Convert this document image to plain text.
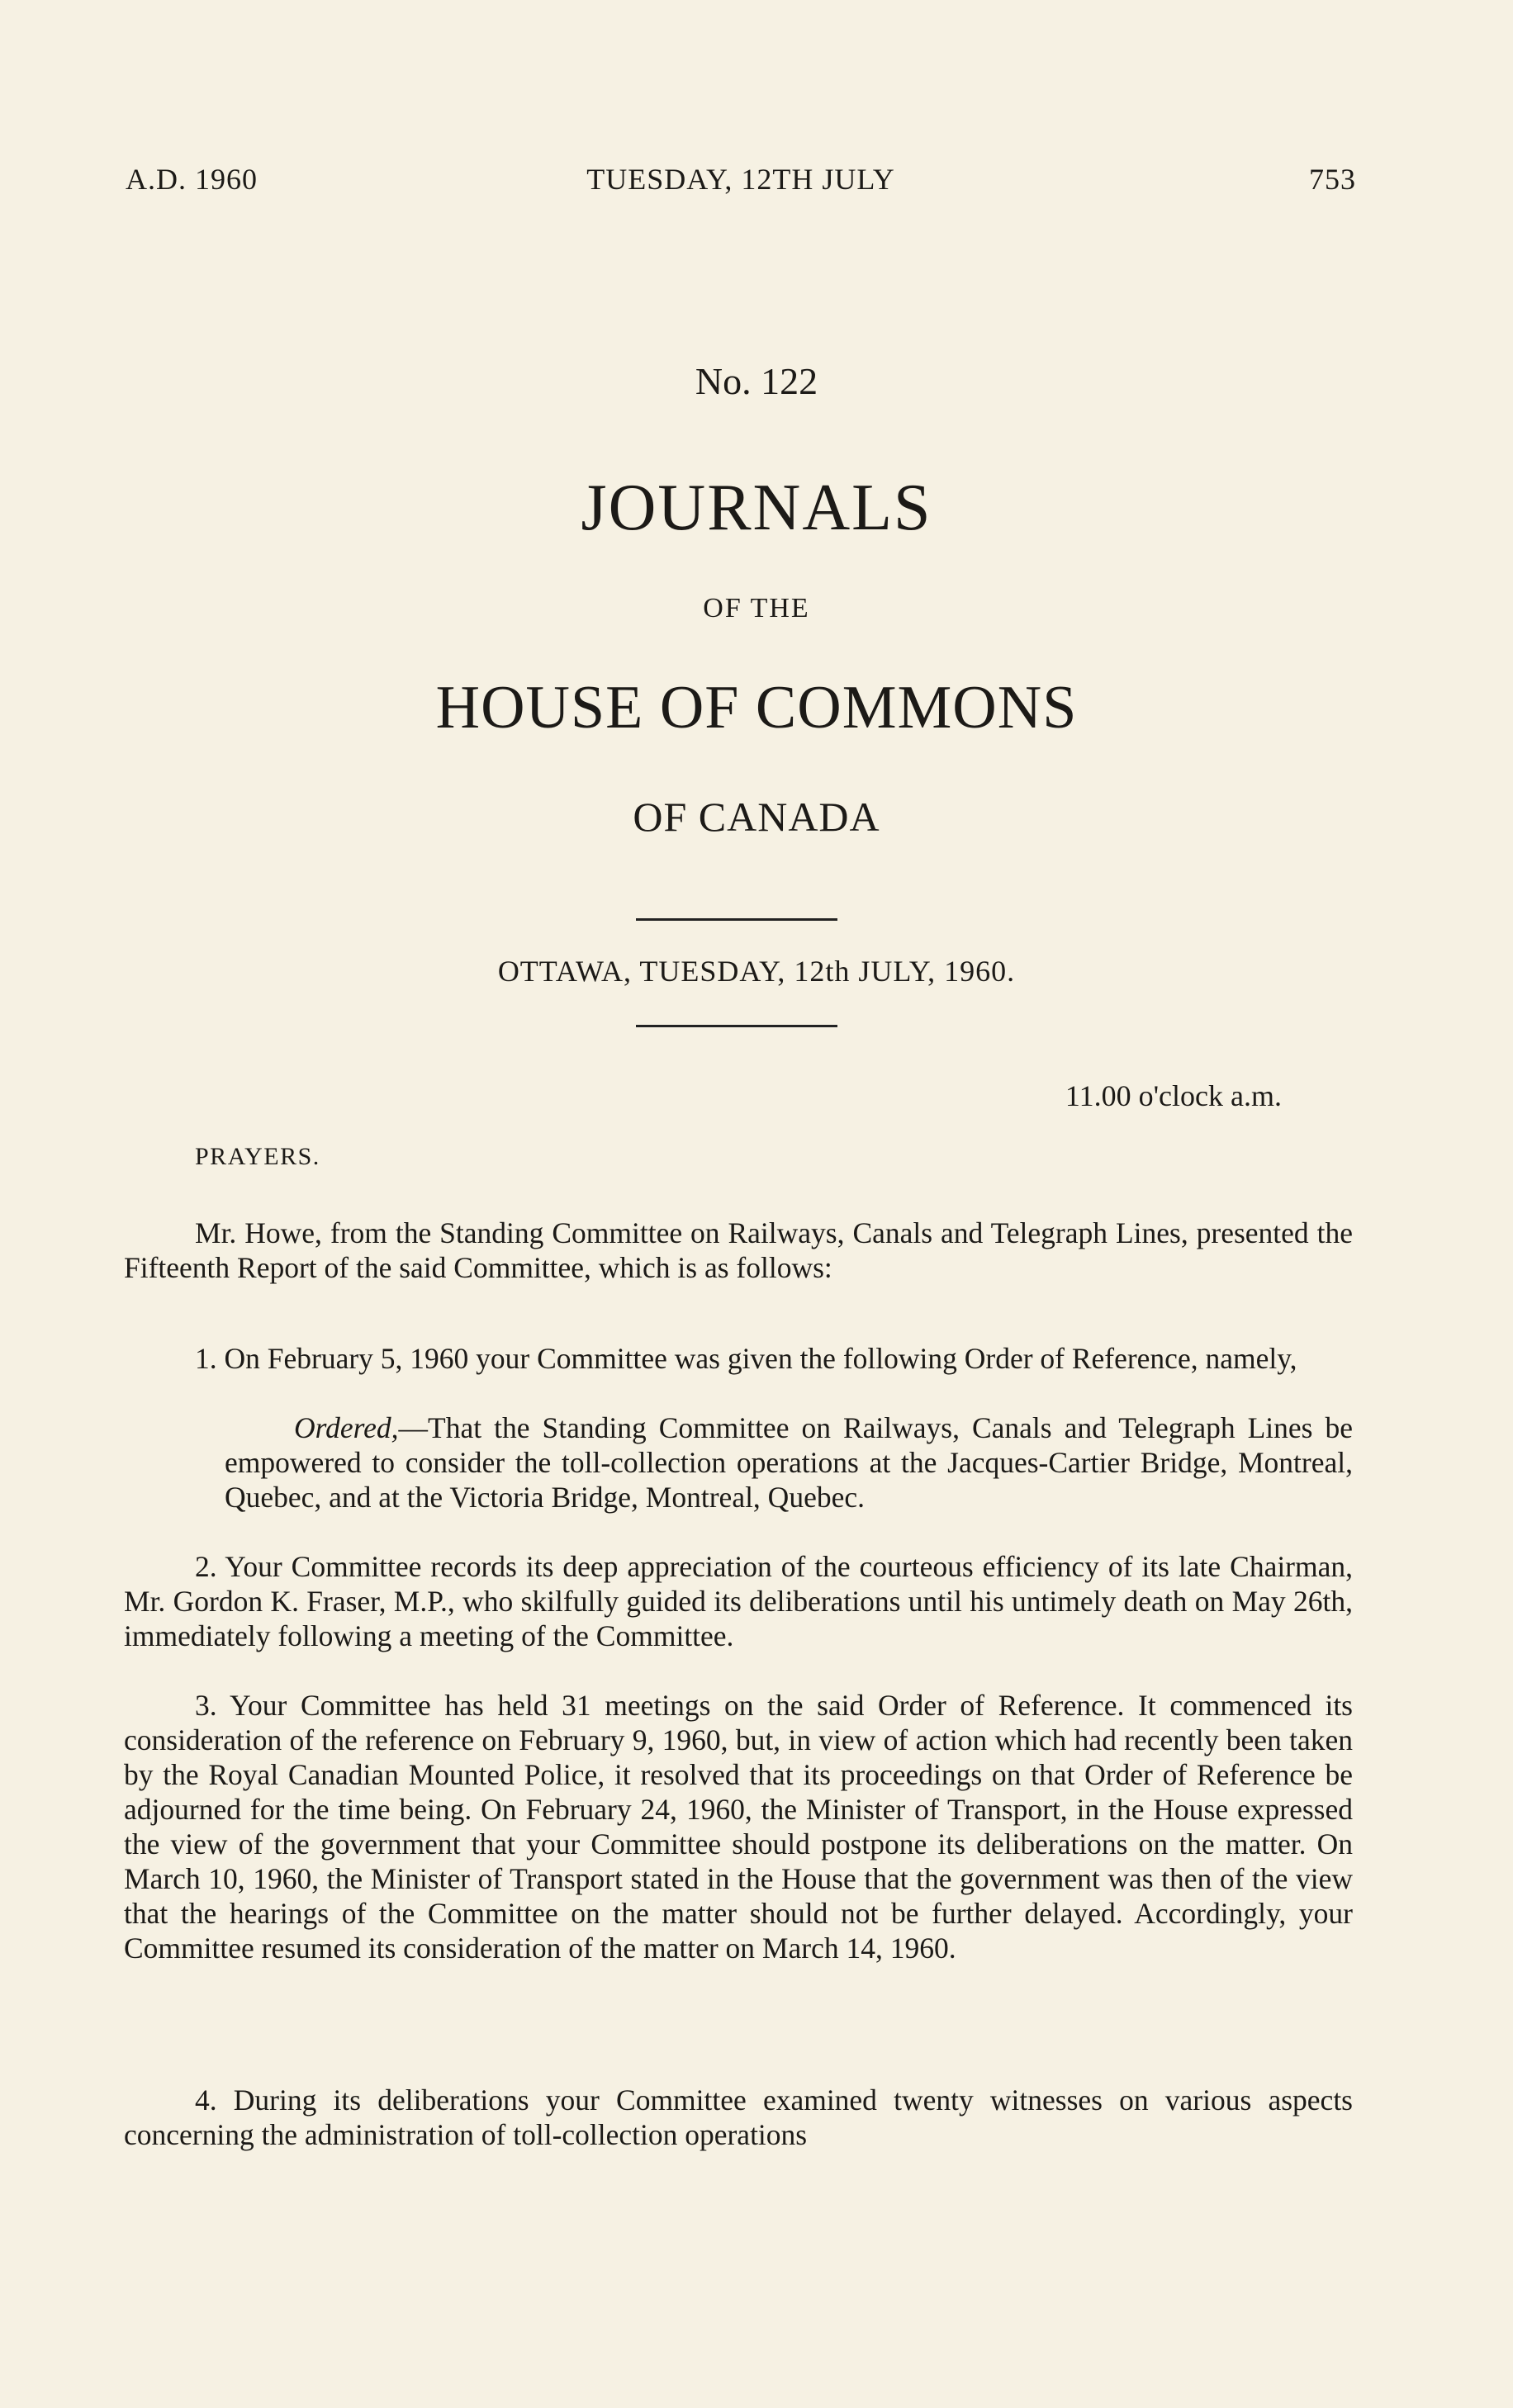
A.D. 1960	TUESDAY, 12TH JULY	753
No. 122
JOURNALS
OF THE
HOUSE OF COMMONS
OF CANADA
OTTAWA, TUESDAY, 12th JULY, 1960.
11.00 o'clock a.m.
PRAYERS.

Mr. Howe, from the Standing Committee on Railways, Canals and Telegraph Lines, presented the Fifteenth Report of the said Committee, which is as follows:

1. On February 5, 1960 your Committee was given the following Order of Reference, namely,

Ordered,—That the Standing Committee on Railways, Canals and Telegraph Lines be empowered to consider the toll-collection operations at the Jacques-Cartier Bridge, Montreal, Quebec, and at the Victoria Bridge, Montreal, Quebec.

2. Your Committee records its deep appreciation of the courteous efficiency of its late Chairman, Mr. Gordon K. Fraser, M.P., who skilfully guided its deliberations until his untimely death on May 26th, immediately following a meeting of the Committee.

3. Your Committee has held 31 meetings on the said Order of Reference. It commenced its consideration of the reference on February 9, 1960, but, in view of action which had recently been taken by the Royal Canadian Mounted Police, it resolved that its proceedings on that Order of Reference be adjourned for the time being. On February 24, 1960, the Minister of Transport, in the House expressed the view of the government that your Committee should postpone its deliberations on the matter. On March 10, 1960, the Minister of Transport stated in the House that the government was then of the view that the hearings of the Committee on the matter should not be further delayed. Accordingly, your Committee resumed its consideration of the matter on March 14, 1960.

4. During its deliberations your Committee examined twenty witnesses on various aspects concerning the administration of toll-collection operations
